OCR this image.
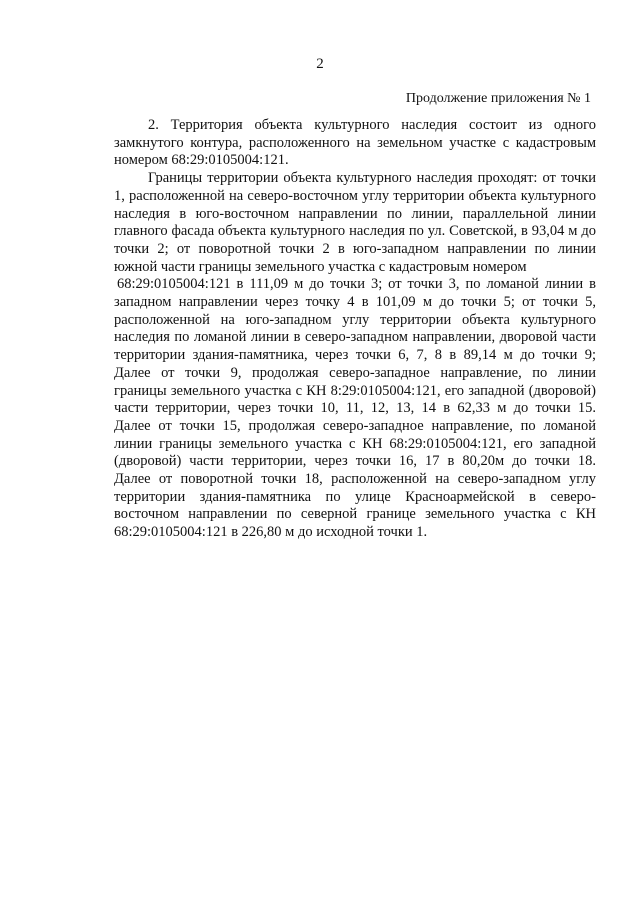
2
Продолжение приложения № 1

2. Территория объекта культурного наследия состоит из одного
замкнутого контура, расположенного на земельном участке с кадастровым
номером 68:29:0105004:121.

Границы территории объекта культурного наследия проходят: от точки
1, расположенной на северо-восточном углу территории объекта культурного
наследия в юго-восточном направлении по линии, параллельной линии
главного фасада объекта культурного наследия по ул. Советской, в 93,04 м до
точки 2; от поворотной точки 2 в юго-западном направлении по линии
южной части границы земельного участка с кадастровым номером
68:29:0105004:121 в 111,09 м до точки 3; от точки 3, по ломаной линии в
западном направлении через точку 4 в 101,09 м до точки 5; от точки 5,
расположенной на юго-западном углу территории объекта культурного
наследия по ломаной линии в северо-западном направлении, дворовой части
территории здания-памятника, через точки 6, 7, 8 в 89,14 м до точки 9;
Далее от точки 9, продолжая северо-западное направление, по линии
границы земельного участка с КН 8:29:0105004:121, его западной (дворовой)
части территории, через точки 10, 11, 12, 13, 14 в 62,33 м до точки 15.
Далее от точки 15, продолжая северо-западное направление, по ломаной
линии границы земельного участка с КН 68:29:0105004:121, его западной
(дворовой) части территории, через точки 16, 17 в 80,20м до точки 18.
Далее от поворотной точки 18, расположенной на северо-западном углу
территории здания-памятника по улице Красноармейской в северо-
восточном направлении по северной границе земельного участка с КН
68:29:0105004:121 в 226,80 м до исходной точки 1.
